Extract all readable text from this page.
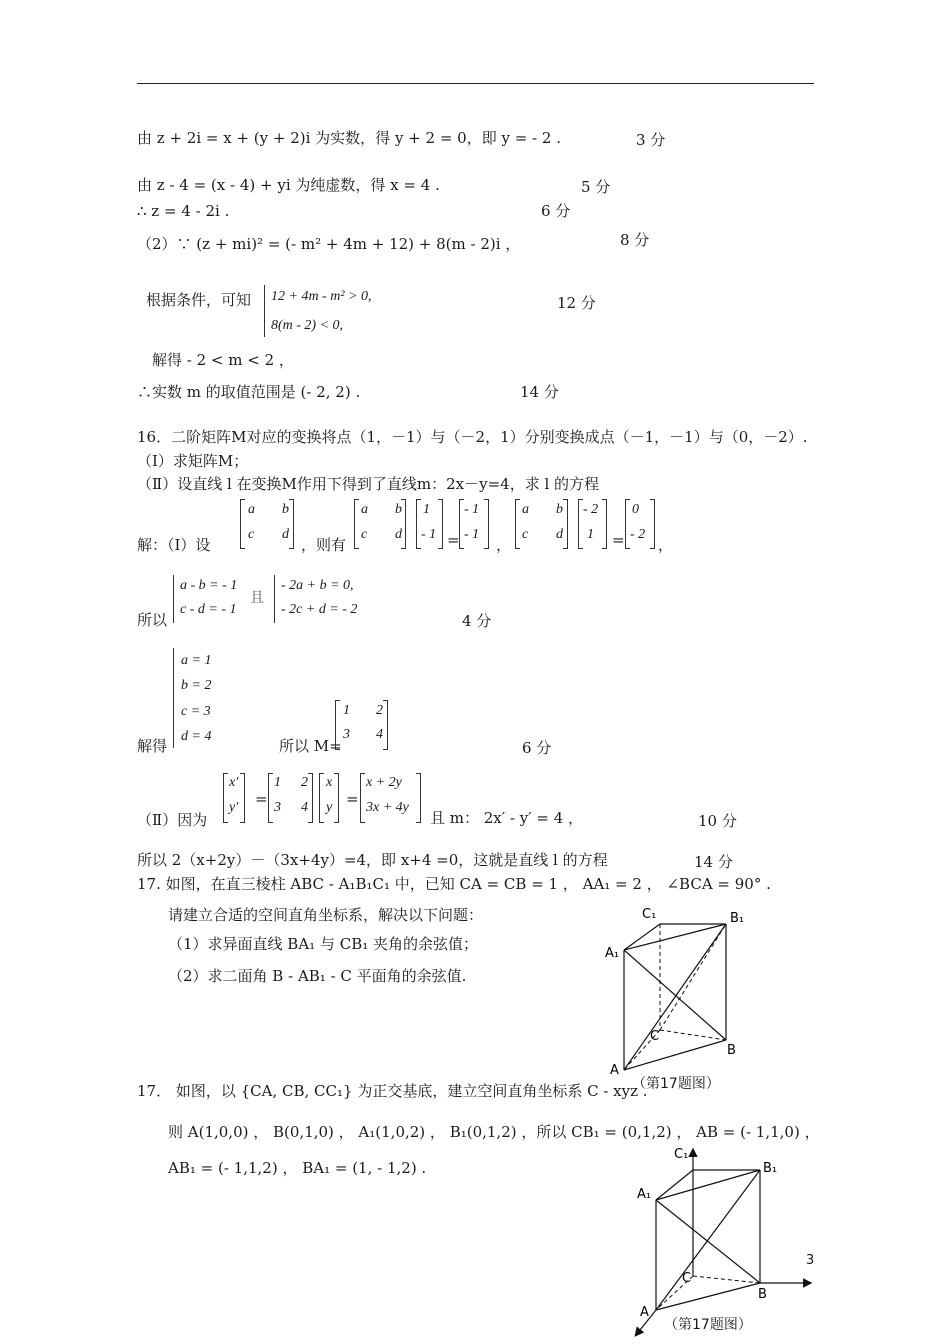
由 z + 2i = x + (y + 2)i 为实数，得 y + 2 = 0，即 y = - 2 .	3 分
由 z - 4 = (x - 4) + yi 为纯虚数，得 x = 4 .	5 分
∴ z = 4 - 2i .	6 分
（2）∵ (z + mi)² = (- m² + 4m + 12) + 8(m - 2)i ，	8 分
根据条件，可知 12 + 4m - m² > 0,
8(m - 2) < 0,
12 分
解得 - 2 < m < 2 ，
∴实数 m 的取值范围是 (- 2, 2) .	14 分
16．二阶矩阵M对应的变换将点（1，－1）与（－2，1）分别变换成点（－1，－1）与（0，－2）.
（Ⅰ）求矩阵M；
（Ⅱ）设直线 l 在变换M作用下得到了直线m：2x－y=4，求 l 的方程
解：（Ⅰ）设
a b
c d
，则有
a b
c d
1
- 1 =
- 1
- 1
，
a b
c d
- 2
1 =
0
- 2
，
所以
a - b = - 1
c - d = - 1
且
- 2a + b = 0,
- 2c + d = - 2
4 分
解得
a = 1
b = 2
c = 3
d = 4
所以 M=
1 2
3 4
6 分
（Ⅱ）因为
x′
y′ =
1 2
3 4
x
y =
x + 2y
3x + 4y
且 m： 2x′ - y′ = 4 ，	10 分
所以 2（x+2y）－（3x+4y）=4，即 x+4 =0，这就是直线 l 的方程	14 分
17. 如图，在直三棱柱 ABC - A₁B₁C₁ 中，已知 CA = CB = 1 ， AA₁ = 2 ， ∠BCA = 90° .
请建立合适的空间直角坐标系，解决以下问题：
（1）求异面直线 BA₁ 与 CB₁ 夹角的余弦值；
（2）求二面角 B - AB₁ - C 平面角的余弦值.
C₁	B₁
A₁
C
B
A
（第17题图）
17． 如图，以 {CA, CB, CC₁} 为正交基底，建立空间直角坐标系 C - xyz .
则 A(1,0,0) ， B(0,1,0) ， A₁(1,0,2) ， B₁(0,1,2) ，所以 CB₁ = (0,1,2) ， AB = (- 1,1,0) ，
AB₁ = (- 1,1,2) ， BA₁ = (1, - 1,2) .
C₁
B₁
A₁
C
B
A
（第17题图）
3
